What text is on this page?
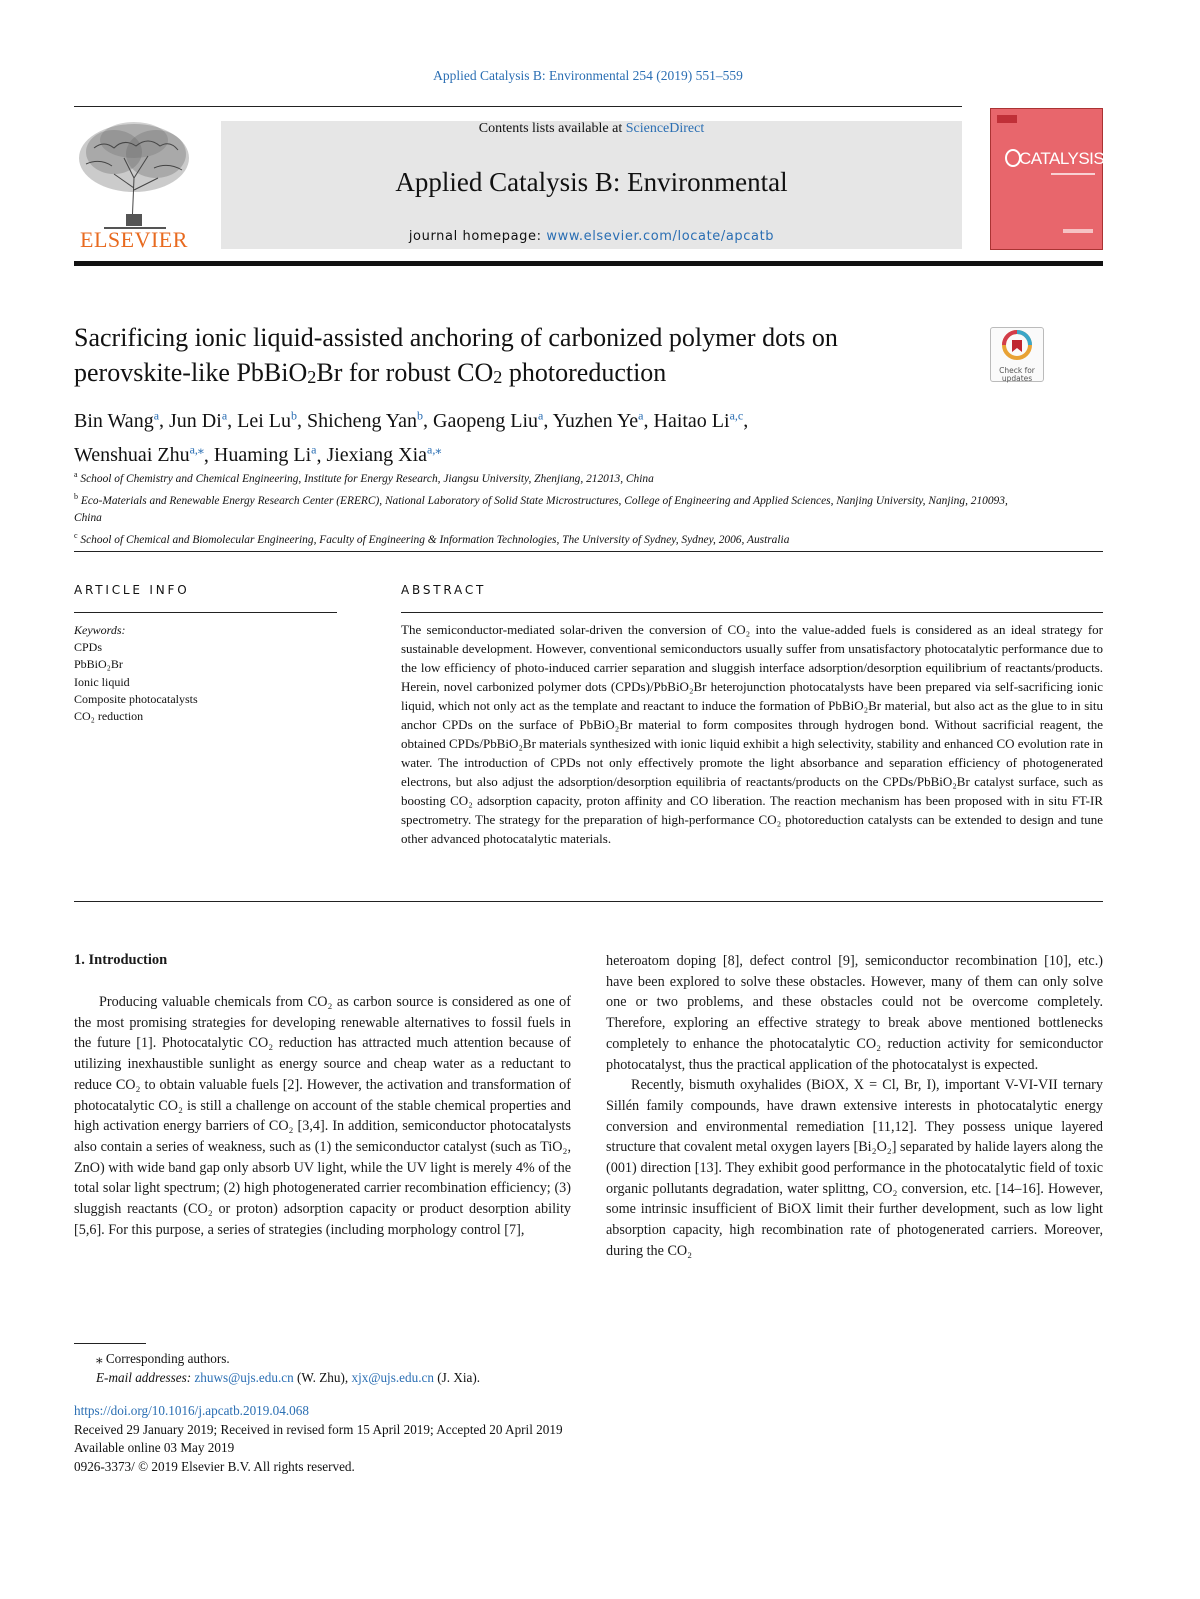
Applied Catalysis B: Environmental 254 (2019) 551–559
ELSEVIER
Contents lists available at ScienceDirect
Applied Catalysis B: Environmental
journal homepage: www.elsevier.com/locate/apcatb
CATALYSIS
Sacrificing ionic liquid-assisted anchoring of carbonized polymer dots on
perovskite-like PbBiO$_2$Br for robust $CO_2$ photoreduction	Check for updates
Bin Wang$^a$, Jun Di$^a$, Lei Lu$^b$, Shicheng Yan$^b$, Gaopeng Liu$^a$, Yuzhen Ye$^a$, Haitao Li$^{a,c}$,
Wenshuai Zhu$^{a,⁎}$, Huaming Li$^a$, Jiexiang Xia$^{a,⁎}$
$^a$ School of Chemistry and Chemical Engineering, Institute for Energy Research, Jiangsu University, Zhenjiang, 212013, China
$^b$ Eco-Materials and Renewable Energy Research Center (ERERC), National Laboratory of Solid State Microstructures, College of Engineering and Applied Sciences, Nanjing University, Nanjing, 210093, China
$^c$ School of Chemical and Biomolecular Engineering, Faculty of Engineering & Information Technologies, The University of Sydney, Sydney, 2006, Australia
ARTICLE INFO	ABSTRACT
Keywords:
CPDs
PbBiO₂Br
Ionic liquid
Composite photocatalysts
CO₂ reduction
The semiconductor-mediated solar-driven the conversion of CO₂ into the value-added fuels is considered as an ideal strategy for sustainable development. However, conventional semiconductors usually suffer from unsatisfactory photocatalytic performance due to the low efficiency of photo-induced carrier separation and sluggish interface adsorption/desorption equilibrium of reactants/products. Herein, novel carbonized polymer dots (CPDs)/PbBiO₂Br heterojunction photocatalysts have been prepared via self-sacrificing ionic liquid, which not only act as the template and reactant to induce the formation of PbBiO₂Br material, but also act as the glue to in situ anchor CPDs on the surface of PbBiO₂Br material to form composites through hydrogen bond. Without sacrificial reagent, the obtained CPDs/PbBiO₂Br materials synthesized with ionic liquid exhibit a high selectivity, stability and enhanced CO evolution rate in water. The introduction of CPDs not only effectively promote the light absorbance and separation efficiency of photogenerated electrons, but also adjust the adsorption/desorption equilibria of reactants/products on the CPDs/PbBiO₂Br catalyst surface, such as boosting CO₂ adsorption capacity, proton affinity and CO liberation. The reaction mechanism has been proposed with in situ FT-IR spectrometry. The strategy for the preparation of high-performance CO₂ photoreduction catalysts can be extended to design and tune other advanced photocatalytic materials.
1. Introduction
Producing valuable chemicals from CO₂ as carbon source is considered as one of the most promising strategies for developing renewable alternatives to fossil fuels in the future [1]. Photocatalytic CO₂ reduction has attracted much attention because of utilizing inexhaustible sunlight as energy source and cheap water as a reductant to reduce CO₂ to obtain valuable fuels [2]. However, the activation and transformation of photocatalytic CO₂ is still a challenge on account of the stable chemical properties and high activation energy barriers of CO₂ [3,4]. In addition, semiconductor photocatalysts also contain a series of weakness, such as (1) the semiconductor catalyst (such as TiO₂, ZnO) with wide band gap only absorb UV light, while the UV light is merely 4% of the total solar light spectrum; (2) high photogenerated carrier recombination efficiency; (3) sluggish reactants (CO₂ or proton) adsorption capacity or product desorption ability [5,6]. For this purpose, a series of strategies (including morphology control [7],
heteroatom doping [8], defect control [9], semiconductor recombination [10], etc.) have been explored to solve these obstacles. However, many of them can only solve one or two problems, and these obstacles could not be overcome completely. Therefore, exploring an effective strategy to break above mentioned bottlenecks completely to enhance the photocatalytic CO₂ reduction activity for semiconductor photocatalyst, thus the practical application of the photocatalyst is expected.
Recently, bismuth oxyhalides (BiOX, X = Cl, Br, I), important V-VI-VII ternary Sillén family compounds, have drawn extensive interests in photocatalytic energy conversion and environmental remediation [11,12]. They possess unique layered structure that covalent metal oxygen layers [Bi₂O₂] separated by halide layers along the (001) direction [13]. They exhibit good performance in the photocatalytic field of toxic organic pollutants degradation, water splittng, CO₂ conversion, etc. [14–16]. However, some intrinsic insufficient of BiOX limit their further development, such as low light absorption capacity, high recombination rate of photogenerated carriers. Moreover, during the CO₂
⁎ Corresponding authors.
E-mail addresses: zhuws@ujs.edu.cn (W. Zhu), xjx@ujs.edu.cn (J. Xia).
https://doi.org/10.1016/j.apcatb.2019.04.068
Received 29 January 2019; Received in revised form 15 April 2019; Accepted 20 April 2019
Available online 03 May 2019
0926-3373/ © 2019 Elsevier B.V. All rights reserved.
